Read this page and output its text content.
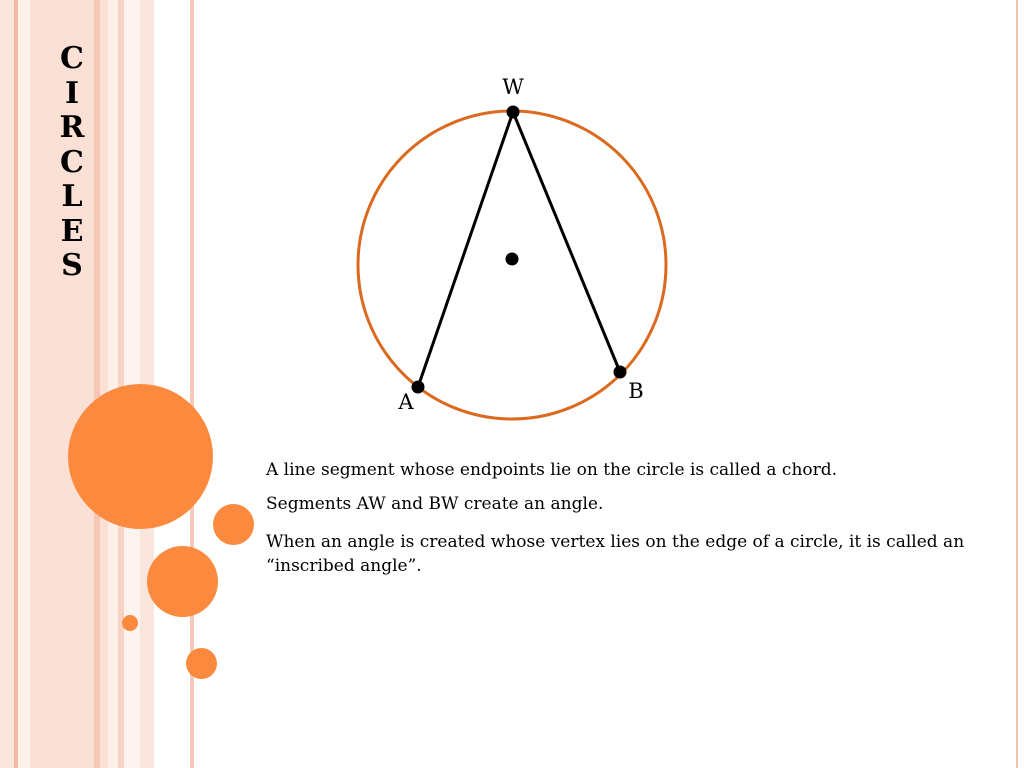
C
I
R
C
L
E
S
W
A	B

A line segment whose endpoints lie on the circle is called a chord.

Segments AW and BW create an angle.

When an angle is created whose vertex lies on the edge of a circle, it is called an “inscribed angle”.
